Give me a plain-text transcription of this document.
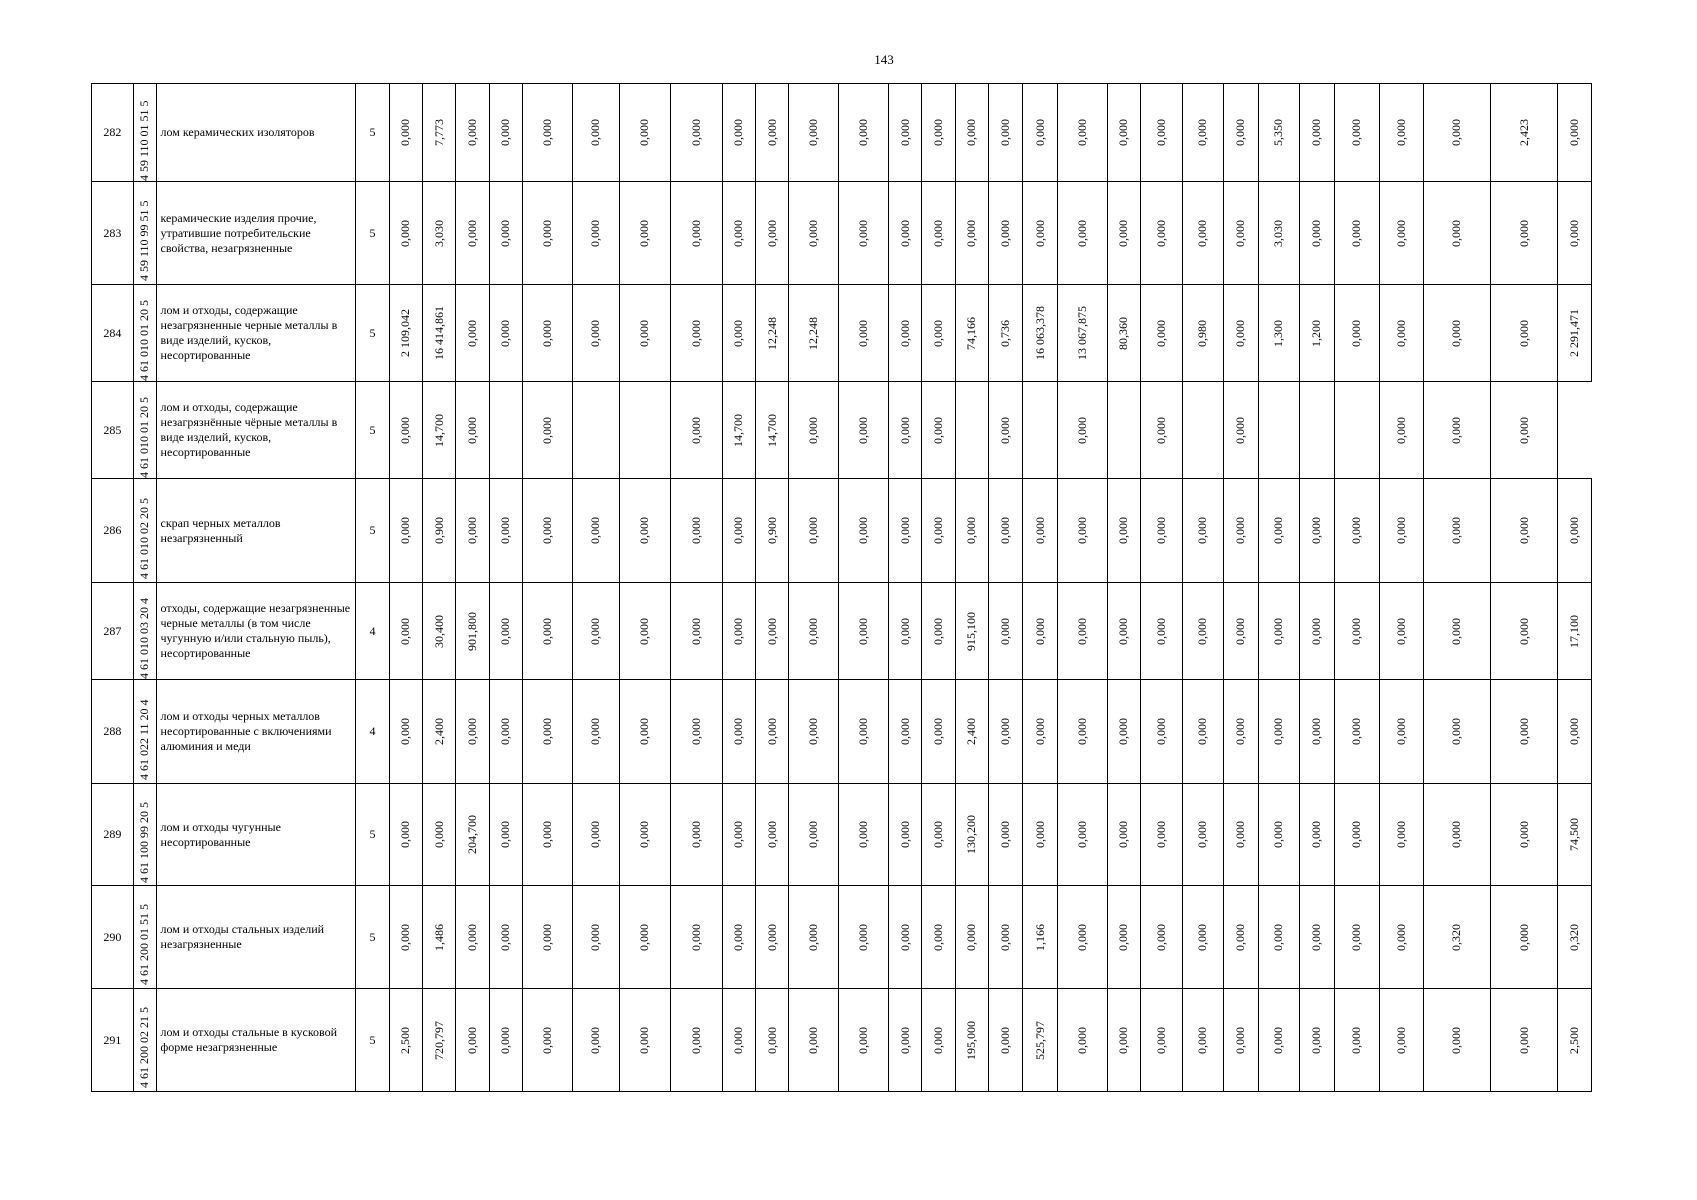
143
282	4 59 110 01 51 5	лом керамических изоляторов	5	0,000	7,773	0,000	0,000	0,000	0,000	0,000	0,000	0,000	0,000	0,000	0,000	0,000	0,000	0,000	0,000	0,000	0,000	0,000	0,000	0,000	0,000	5,350	0,000	0,000	0,000	0,000	2,423	0,000

283	4 59 110 99 51 5	керамические изделия прочие, утратившие потребительские свойства, незагрязненные	5	0,000	3,030	0,000	0,000	0,000	0,000	0,000	0,000	0,000	0,000	0,000	0,000	0,000	0,000	0,000	0,000	0,000	0,000	0,000	0,000	0,000	0,000	3,030	0,000	0,000	0,000	0,000	0,000	0,000

284	4 61 010 01 20 5	лом и отходы, содержащие незагрязненные черные металлы в виде изделий, кусков, несортированные	5	2 109,042	16 414,861	0,000	0,000	0,000	0,000	0,000	0,000	0,000	12,248	12,248	0,000	0,000	0,000	74,166	0,736	16 063,378	13 067,875	80,360	0,000	0,980	0,000	1,300	1,200	0,000	0,000	0,000	0,000	2 291,471

285	4 61 010 01 20 5	лом и отходы, содержащие незагрязнённые чёрные металлы в виде изделий, кусков, несортированные	5	0,000	14,700	0,000		0,000			0,000	14,700	14,700	0,000	0,000	0,000	0,000		0,000		0,000		0,000		0,000				0,000	0,000	0,000	

286	4 61 010 02 20 5	скрап черных металлов незагрязненный	5	0,000	0,900	0,000	0,000	0,000	0,000	0,000	0,000	0,000	0,900	0,000	0,000	0,000	0,000	0,000	0,000	0,000	0,000	0,000	0,000	0,000	0,000	0,000	0,000	0,000	0,000	0,000	0,000	0,000

287	4 61 010 03 20 4	отходы, содержащие незагрязненные черные металлы (в том числе чугунную и/или стальную пыль), несортированные	4	0,000	30,400	901,800	0,000	0,000	0,000	0,000	0,000	0,000	0,000	0,000	0,000	0,000	0,000	915,100	0,000	0,000	0,000	0,000	0,000	0,000	0,000	0,000	0,000	0,000	0,000	0,000	0,000	17,100

288	4 61 022 11 20 4	лом и отходы черных металлов несортированные с включениями алюминия и меди	4	0,000	2,400	0,000	0,000	0,000	0,000	0,000	0,000	0,000	0,000	0,000	0,000	0,000	0,000	2,400	0,000	0,000	0,000	0,000	0,000	0,000	0,000	0,000	0,000	0,000	0,000	0,000	0,000	0,000

289	4 61 100 99 20 5	лом и отходы чугунные несортированные	5	0,000	0,000	204,700	0,000	0,000	0,000	0,000	0,000	0,000	0,000	0,000	0,000	0,000	0,000	130,200	0,000	0,000	0,000	0,000	0,000	0,000	0,000	0,000	0,000	0,000	0,000	0,000	0,000	74,500

290	4 61 200 01 51 5	лом и отходы стальных изделий незагрязненные	5	0,000	1,486	0,000	0,000	0,000	0,000	0,000	0,000	0,000	0,000	0,000	0,000	0,000	0,000	0,000	0,000	1,166	0,000	0,000	0,000	0,000	0,000	0,000	0,000	0,000	0,000	0,320	0,000	0,320

291	4 61 200 02 21 5	лом и отходы стальные в кусковой форме незагрязненные	5	2,500	720,797	0,000	0,000	0,000	0,000	0,000	0,000	0,000	0,000	0,000	0,000	0,000	0,000	195,000	0,000	525,797	0,000	0,000	0,000	0,000	0,000	0,000	0,000	0,000	0,000	0,000	0,000	2,500
